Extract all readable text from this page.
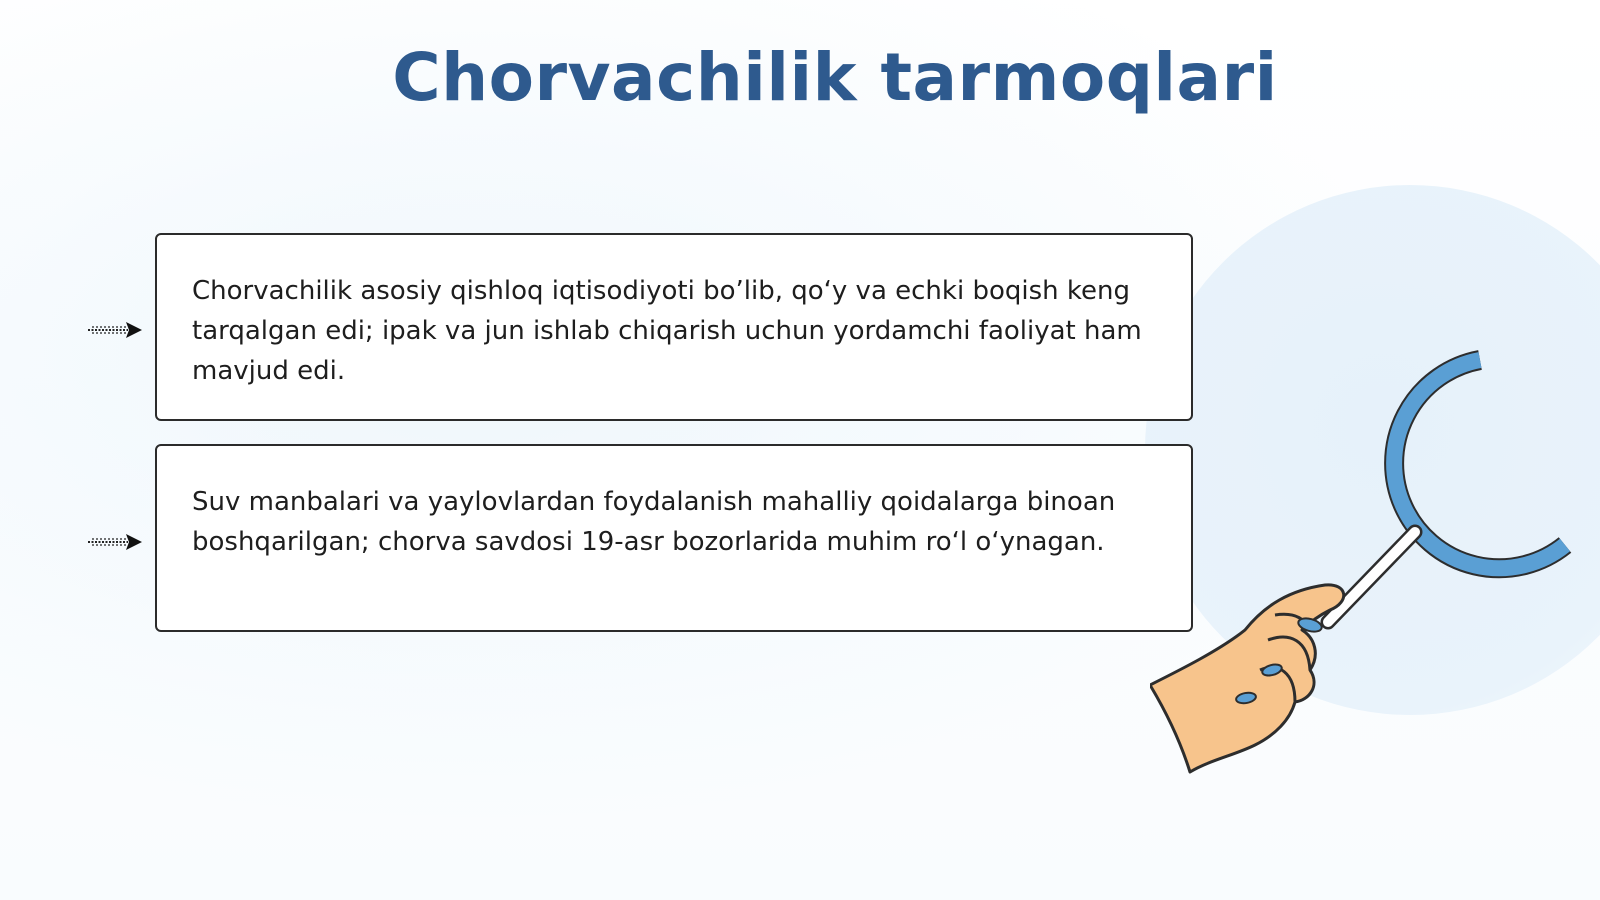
Chorvachilik tarmoqlari

Chorvachilik asosiy qishloq iqtisodiyoti bo’lib, qo‘y va echki boqish keng tarqalgan edi; ipak va jun ishlab chiqarish uchun yordamchi faoliyat ham mavjud edi.

Suv manbalari va yaylovlardan foydalanish mahalliy qoidalarga binoan boshqarilgan; chorva savdosi 19-asr bozorlarida muhim ro‘l o‘ynagan.
